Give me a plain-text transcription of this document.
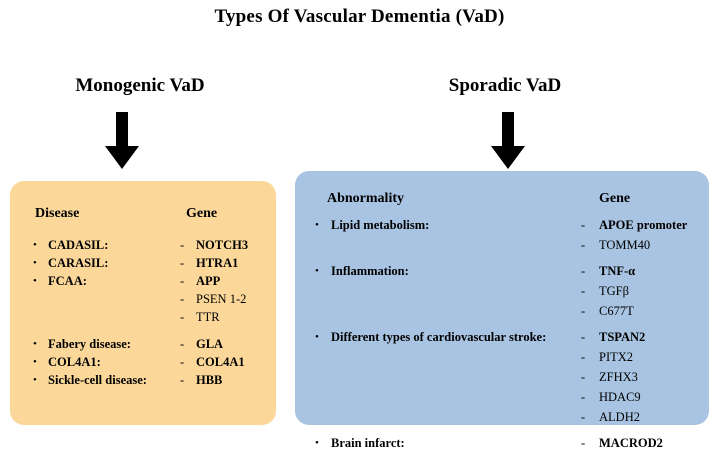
Types Of Vascular Dementia (VaD)
Monogenic VaD	Sporadic VaD
Disease	Gene
• CADASIL:	- NOTCH3
• CARASIL:	- HTRA1
• FCAA:	- APP
- PSEN 1-2
- TTR
• Fabery disease:	- GLA
• COL4A1:	- COL4A1
• Sickle-cell disease:	- HBB
Abnormality	Gene
• Lipid metabolism:	- APOE promoter
- TOMM40
• Inflammation:	- TNF-α
- TGFβ
- C677T
• Different types of cardiovascular stroke:	- TSPAN2
- PITX2
- ZFHX3
- HDAC9
- ALDH2
• Brain infarct:	- MACROD2
